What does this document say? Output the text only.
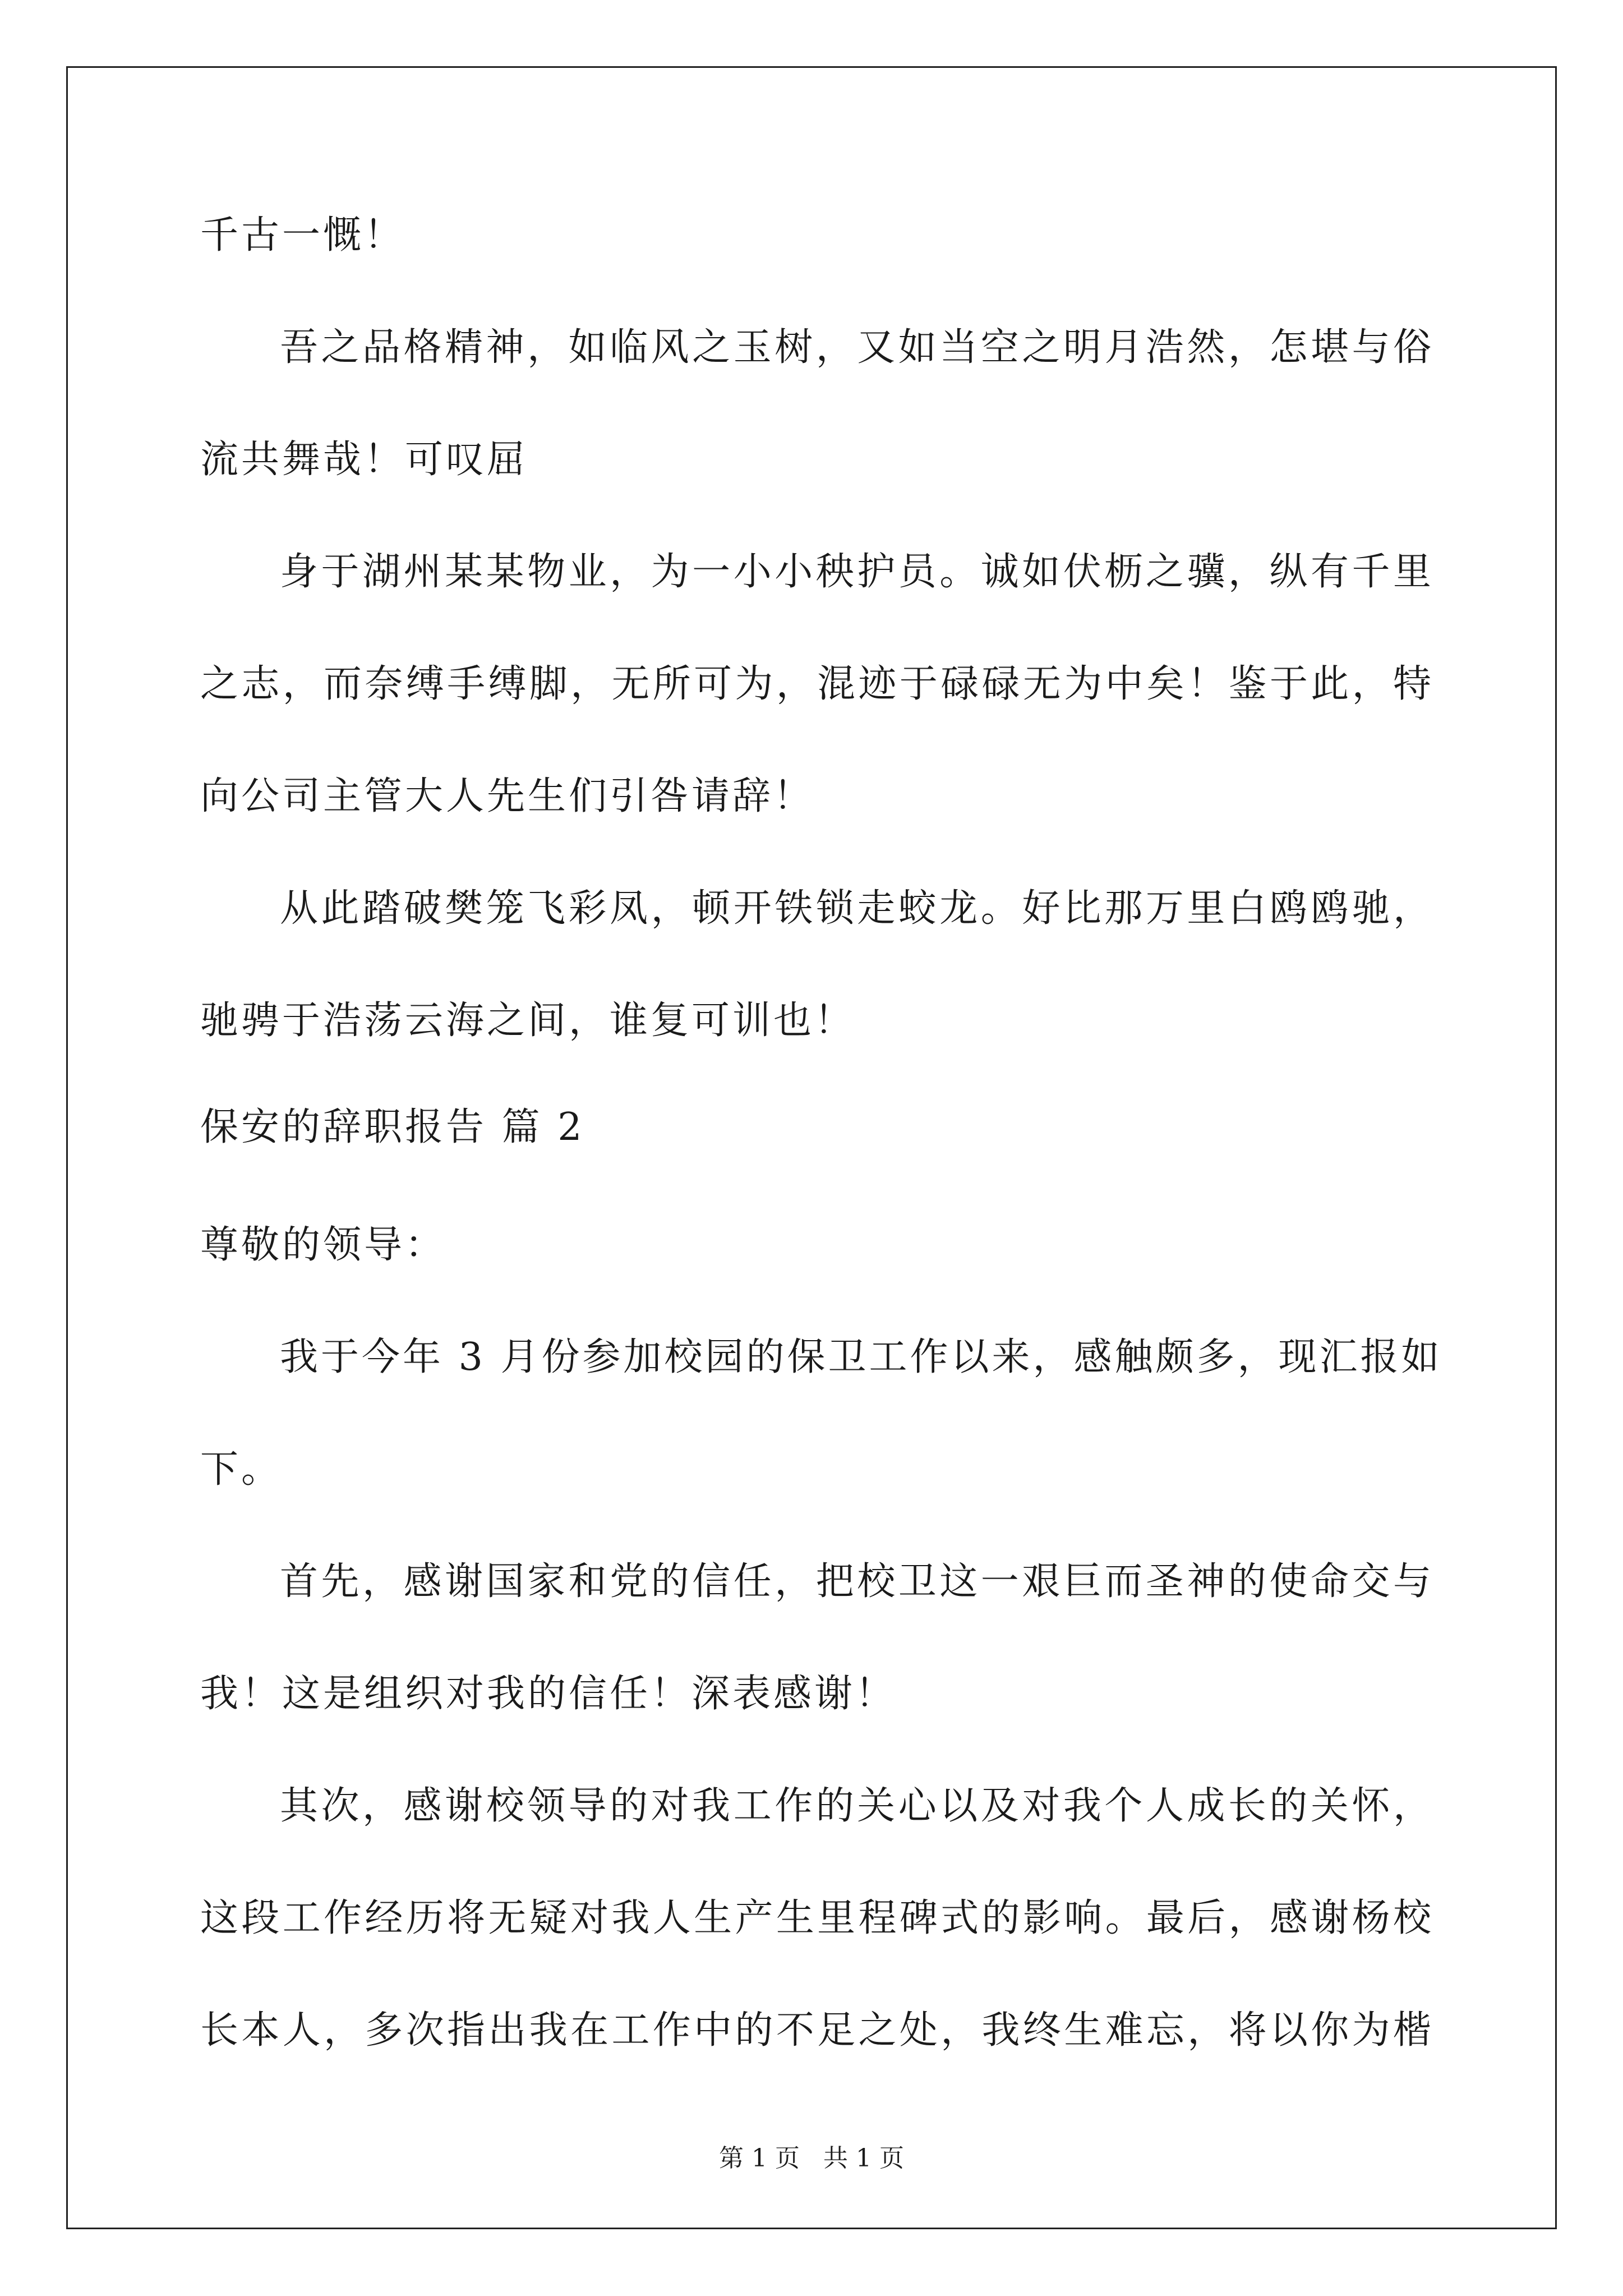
千古一慨！
吾之品格精神，如临风之玉树，又如当空之明月浩然，怎堪与俗
流共舞哉！可叹屈
身于湖州某某物业，为一小小秧护员。诚如伏枥之骥，纵有千里
之志，而奈缚手缚脚，无所可为，混迹于碌碌无为中矣！鉴于此，特
向公司主管大人先生们引咎请辞！
从此踏破樊笼飞彩凤，顿开铁锁走蛟龙。好比那万里白鸥鸥驰，
驰骋于浩荡云海之间，谁复可训也！
保安的辞职报告 篇 2
尊敬的领导：
我于今年 3 月份参加校园的保卫工作以来，感触颇多，现汇报如
下。
首先，感谢国家和党的信任，把校卫这一艰巨而圣神的使命交与
我！这是组织对我的信任！深表感谢！
其次，感谢校领导的对我工作的关心以及对我个人成长的关怀，
这段工作经历将无疑对我人生产生里程碑式的影响。最后，感谢杨校
长本人，多次指出我在工作中的不足之处，我终生难忘，将以你为楷
第 1 页   共 1 页
